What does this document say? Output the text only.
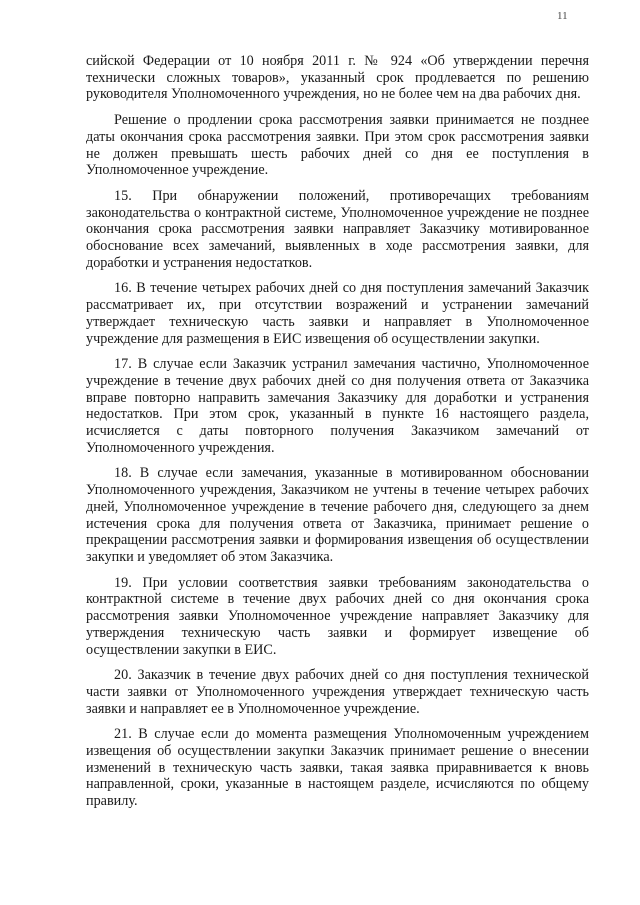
11

сийской Федерации от 10 ноября 2011 г. № 924 «Об утверждении перечня технически сложных товаров», указанный срок продлевается по решению руководителя Уполномоченного учреждения, но не более чем на два рабочих дня.

Решение о продлении срока рассмотрения заявки принимается не позднее даты окончания срока рассмотрения заявки. При этом срок рассмотрения заявки не должен превышать шесть рабочих дней со дня ее поступления в Уполномоченное учреждение.

15. При обнаружении положений, противоречащих требованиям законодательства о контрактной системе, Уполномоченное учреждение не позднее окончания срока рассмотрения заявки направляет Заказчику мотивированное обоснование всех замечаний, выявленных в ходе рассмотрения заявки, для доработки и устранения недостатков.

16. В течение четырех рабочих дней со дня поступления замечаний Заказчик рассматривает их, при отсутствии возражений и устранении замечаний утверждает техническую часть заявки и направляет в Уполномоченное учреждение для размещения в ЕИС извещения об осуществлении закупки.

17. В случае если Заказчик устранил замечания частично, Уполномоченное учреждение в течение двух рабочих дней со дня получения ответа от Заказчика вправе повторно направить замечания Заказчику для доработки и устранения недостатков. При этом срок, указанный в пункте 16 настоящего раздела, исчисляется с даты повторного получения Заказчиком замечаний от Уполномоченного учреждения.

18. В случае если замечания, указанные в мотивированном обосновании Уполномоченного учреждения, Заказчиком не учтены в течение четырех рабочих дней, Уполномоченное учреждение в течение рабочего дня, следующего за днем истечения срока для получения ответа от Заказчика, принимает решение о прекращении рассмотрения заявки и формирования извещения об осуществлении закупки и уведомляет об этом Заказчика.

19. При условии соответствия заявки требованиям законодательства о контрактной системе в течение двух рабочих дней со дня окончания срока рассмотрения заявки Уполномоченное учреждение направляет Заказчику для утверждения техническую часть заявки и формирует извещение об осуществлении закупки в ЕИС.

20. Заказчик в течение двух рабочих дней со дня поступления технической части заявки от Уполномоченного учреждения утверждает техническую часть заявки и направляет ее в Уполномоченное учреждение.

21. В случае если до момента размещения Уполномоченным учреждением извещения об осуществлении закупки Заказчик принимает решение о внесении изменений в техническую часть заявки, такая заявка приравнивается к вновь направленной, сроки, указанные в настоящем разделе, исчисляются по общему правилу.
